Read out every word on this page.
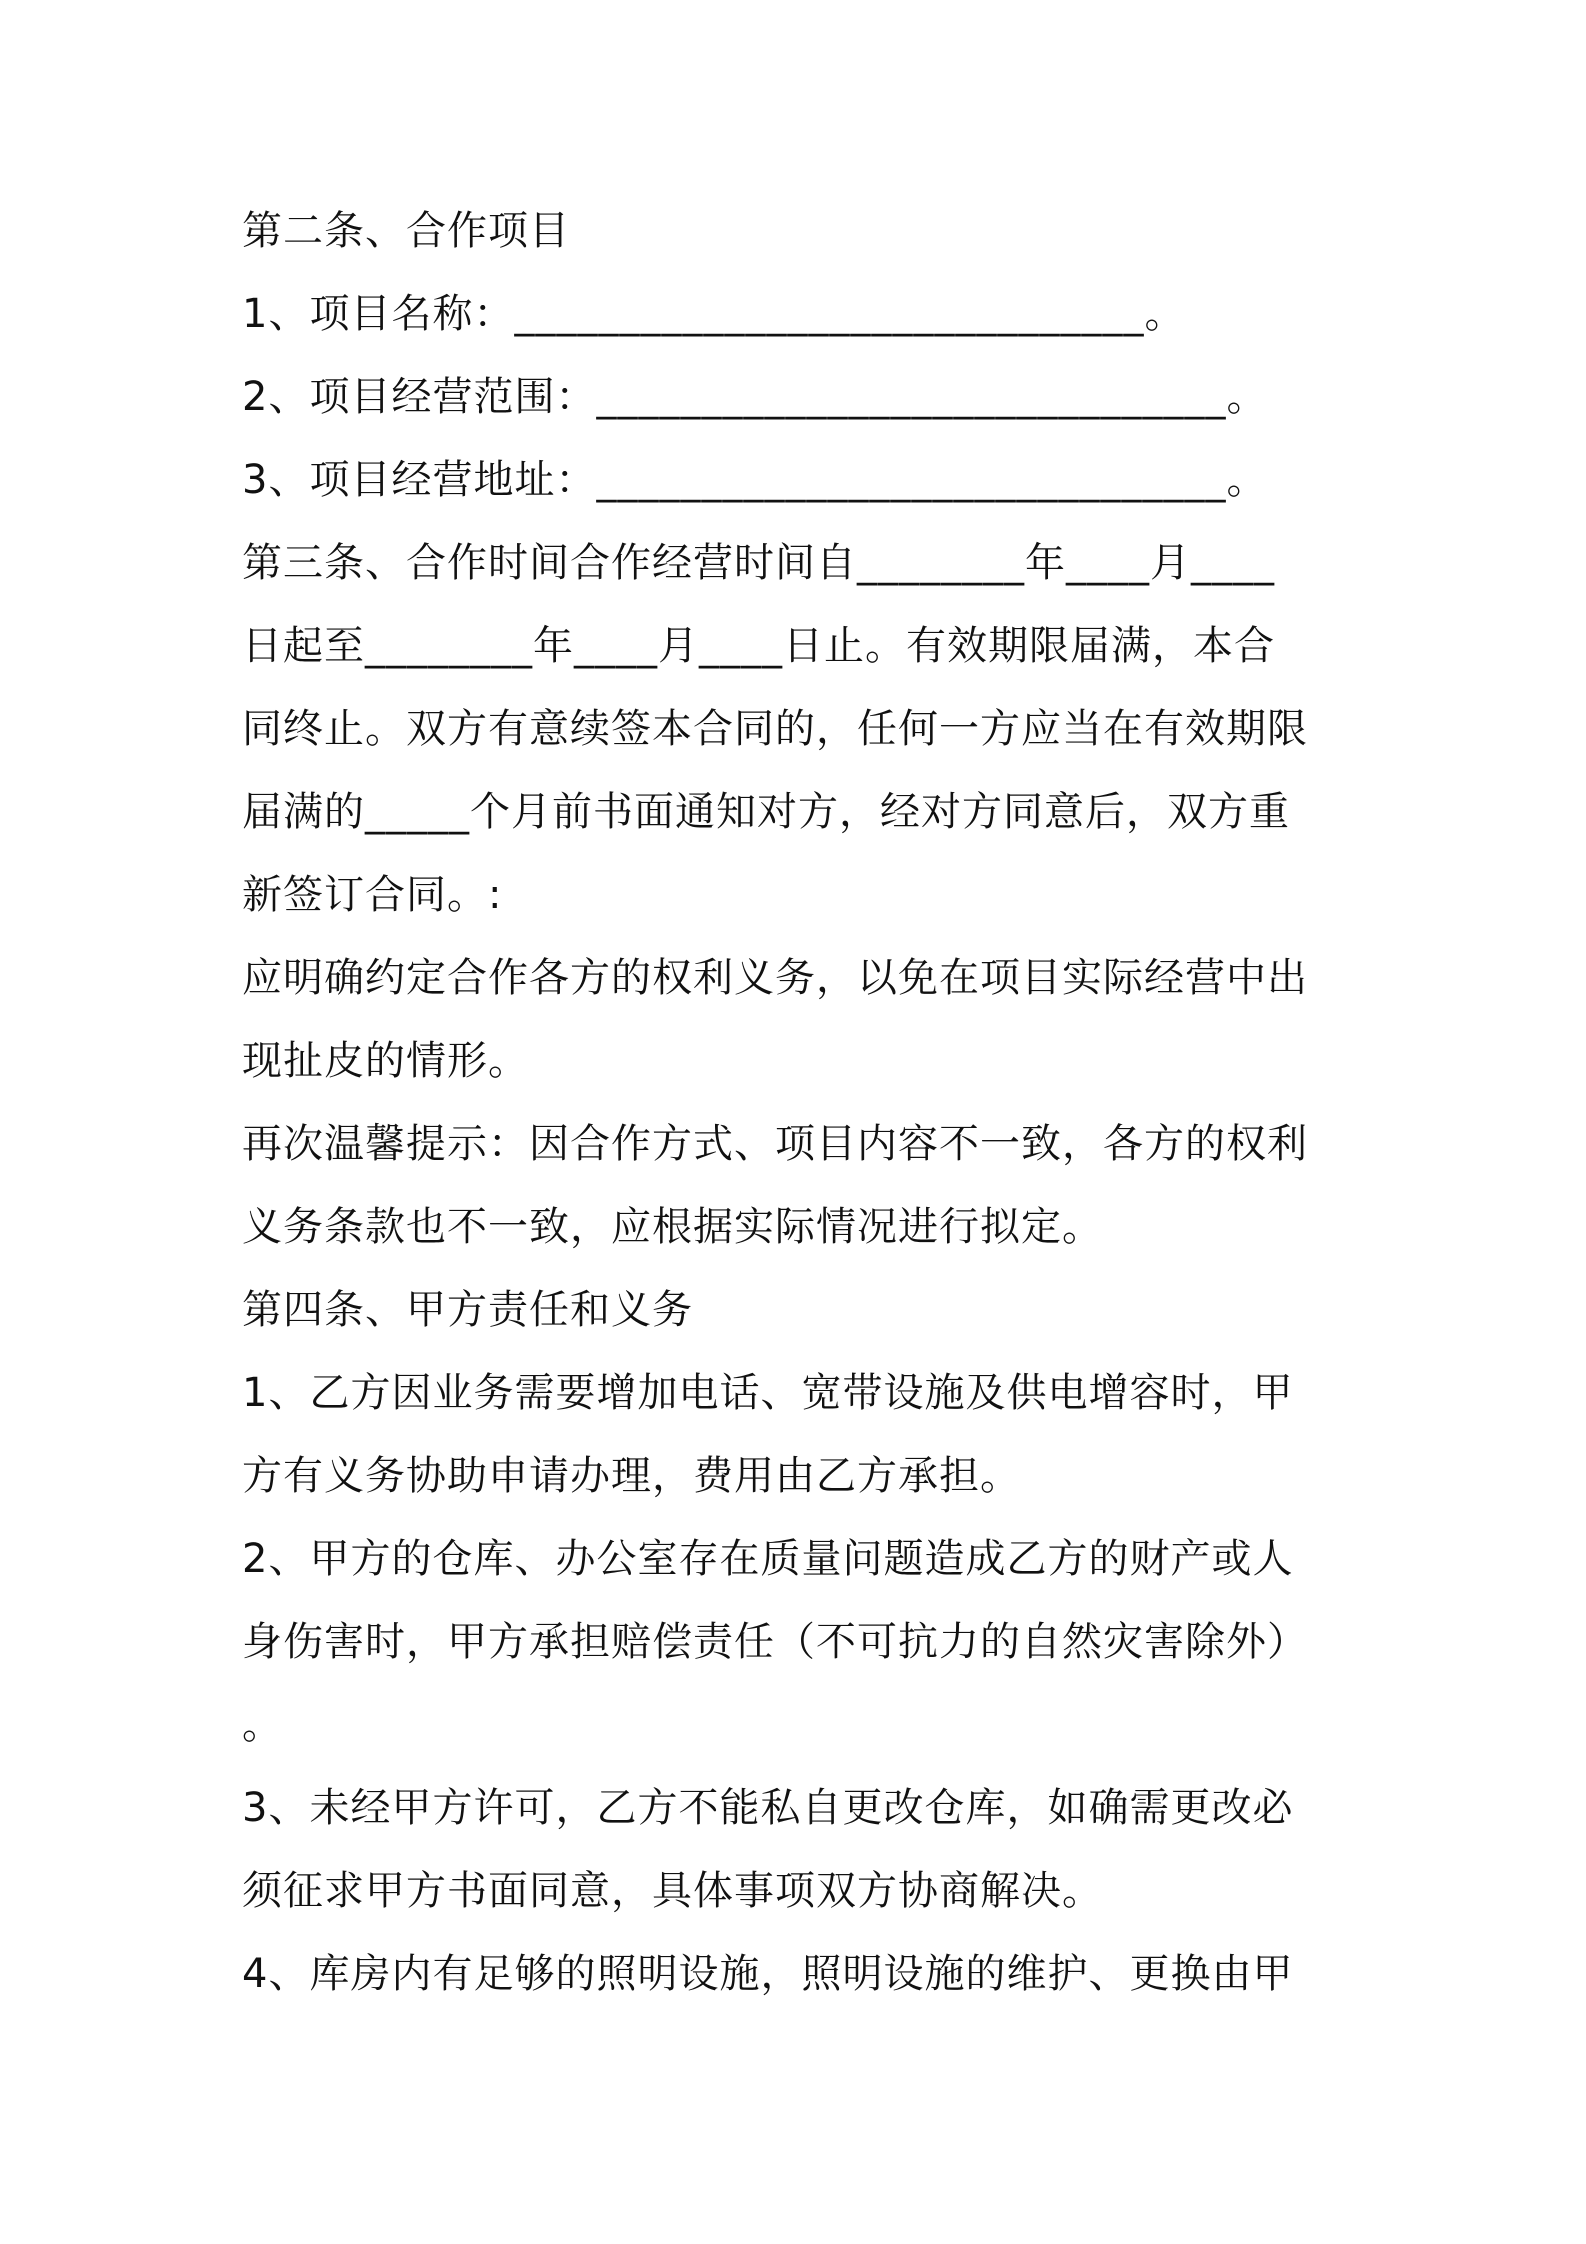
第二条、合作项目
1、项目名称：______________________________。
2、项目经营范围：______________________________。
3、项目经营地址：______________________________。
第三条、合作时间合作经营时间自________年____月____
日起至________年____月____日止。有效期限届满，本合
同终止。双方有意续签本合同的，任何一方应当在有效期限
届满的_____个月前书面通知对方，经对方同意后，双方重
新签订合同。:
应明确约定合作各方的权利义务，以免在项目实际经营中出
现扯皮的情形。
再次温馨提示：因合作方式、项目内容不一致，各方的权利
义务条款也不一致，应根据实际情况进行拟定。
第四条、甲方责任和义务
1、乙方因业务需要增加电话、宽带设施及供电增容时，甲
方有义务协助申请办理，费用由乙方承担。
2、甲方的仓库、办公室存在质量问题造成乙方的财产或人
身伤害时，甲方承担赔偿责任（不可抗力的自然灾害除外）
。
3、未经甲方许可，乙方不能私自更改仓库，如确需更改必
须征求甲方书面同意，具体事项双方协商解决。
4、库房内有足够的照明设施，照明设施的维护、更换由甲
